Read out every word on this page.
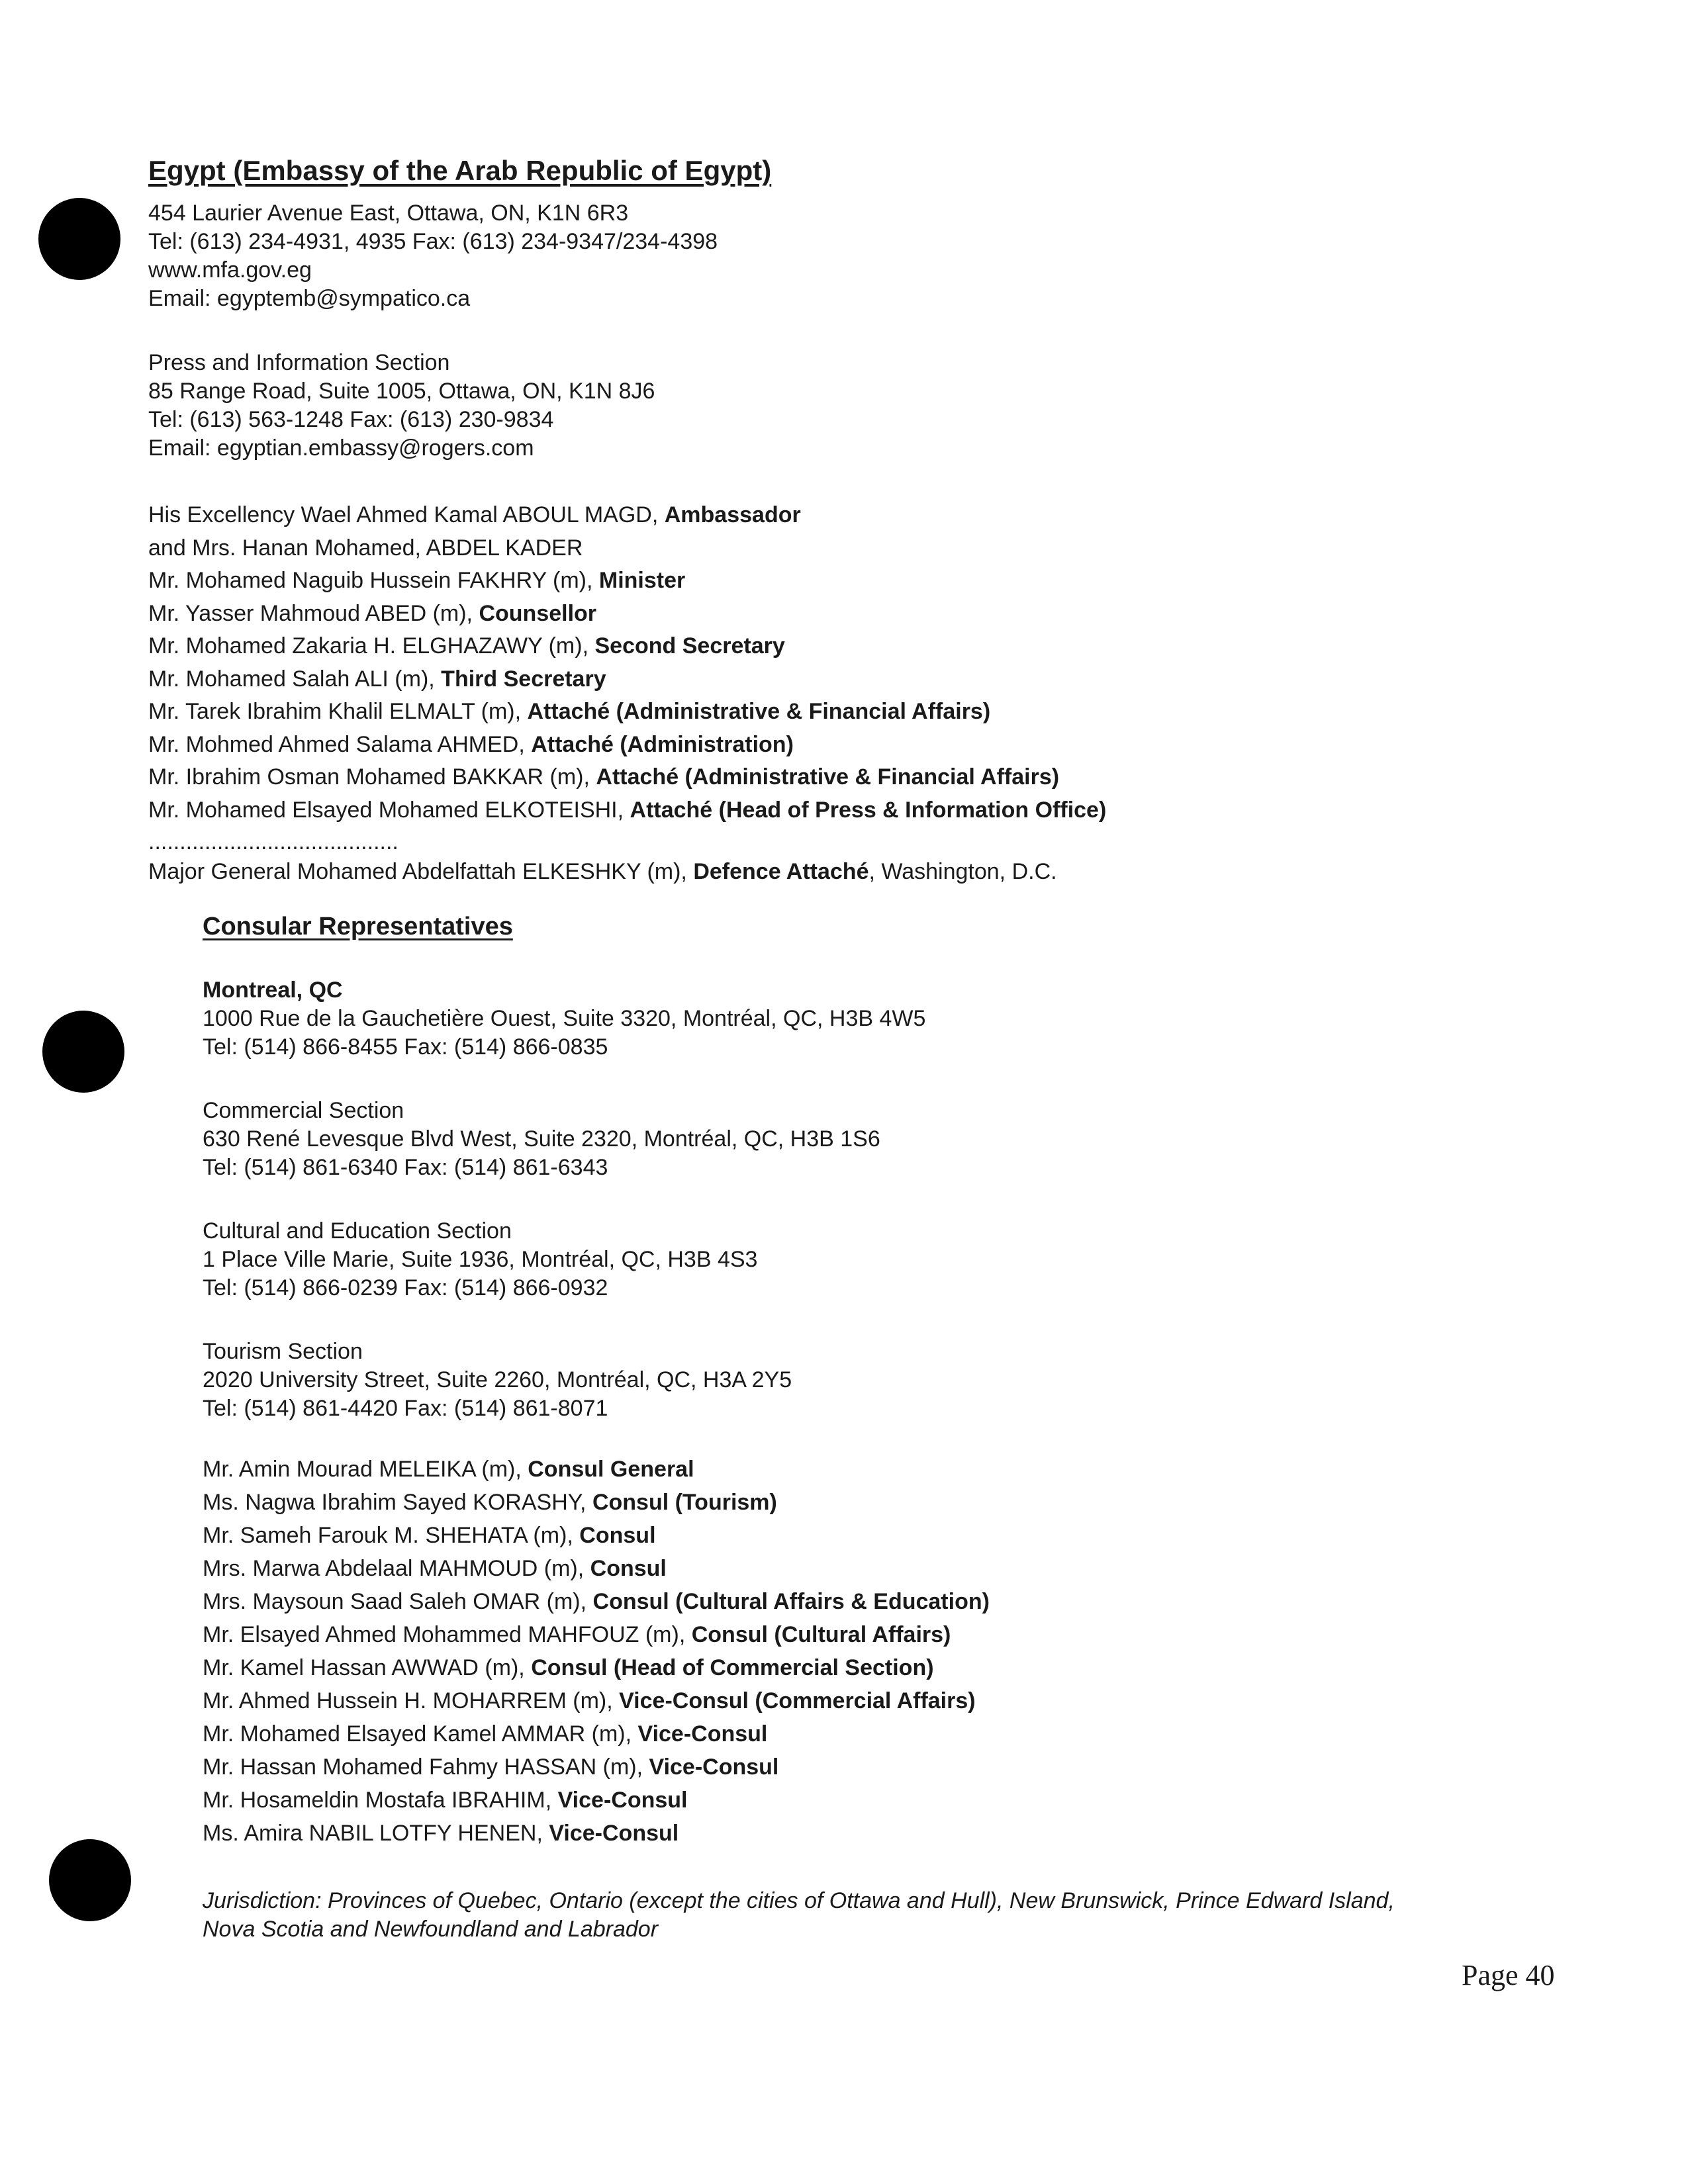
Egypt (Embassy of the Arab Republic of Egypt)
454 Laurier Avenue East, Ottawa, ON, K1N 6R3
Tel: (613) 234-4931, 4935 Fax: (613) 234-9347/234-4398
www.mfa.gov.eg
Email: egyptemb@sympatico.ca
Press and Information Section
85 Range Road, Suite 1005, Ottawa, ON, K1N 8J6
Tel: (613) 563-1248 Fax: (613) 230-9834
Email: egyptian.embassy@rogers.com
His Excellency Wael Ahmed Kamal ABOUL MAGD, Ambassador
and Mrs. Hanan Mohamed, ABDEL KADER
Mr. Mohamed Naguib Hussein FAKHRY (m), Minister
Mr. Yasser Mahmoud ABED (m), Counsellor
Mr. Mohamed Zakaria H. ELGHAZAWY (m), Second Secretary
Mr. Mohamed Salah ALI (m), Third Secretary
Mr. Tarek Ibrahim Khalil ELMALT (m), Attaché (Administrative & Financial Affairs)
Mr. Mohmed Ahmed Salama AHMED, Attaché (Administration)
Mr. Ibrahim Osman Mohamed BAKKAR (m), Attaché (Administrative & Financial Affairs)
Mr. Mohamed Elsayed Mohamed ELKOTEISHI, Attaché (Head of Press & Information Office)
........................................
Major General Mohamed Abdelfattah ELKESHKY (m), Defence Attaché, Washington, D.C.
Consular Representatives
Montreal, QC
1000 Rue de la Gauchetière Ouest, Suite 3320, Montréal, QC, H3B 4W5
Tel: (514) 866-8455 Fax: (514) 866-0835
Commercial Section
630 René Levesque Blvd West, Suite 2320, Montréal, QC, H3B 1S6
Tel: (514) 861-6340 Fax: (514) 861-6343
Cultural and Education Section
1 Place Ville Marie, Suite 1936, Montréal, QC, H3B 4S3
Tel: (514) 866-0239 Fax: (514) 866-0932
Tourism Section
2020 University Street, Suite 2260, Montréal, QC, H3A 2Y5
Tel: (514) 861-4420 Fax: (514) 861-8071
Mr. Amin Mourad MELEIKA (m), Consul General
Ms. Nagwa Ibrahim Sayed KORASHY, Consul (Tourism)
Mr. Sameh Farouk M. SHEHATA (m), Consul
Mrs. Marwa Abdelaal MAHMOUD (m), Consul
Mrs. Maysoun Saad Saleh OMAR (m), Consul (Cultural Affairs & Education)
Mr. Elsayed Ahmed Mohammed MAHFOUZ (m), Consul (Cultural Affairs)
Mr. Kamel Hassan AWWAD (m), Consul (Head of Commercial Section)
Mr. Ahmed Hussein H. MOHARREM (m), Vice-Consul (Commercial Affairs)
Mr. Mohamed Elsayed Kamel AMMAR (m), Vice-Consul
Mr. Hassan Mohamed Fahmy HASSAN (m), Vice-Consul
Mr. Hosameldin Mostafa IBRAHIM, Vice-Consul
Ms. Amira NABIL LOTFY HENEN, Vice-Consul
Jurisdiction: Provinces of Quebec, Ontario (except the cities of Ottawa and Hull), New Brunswick, Prince Edward Island,
Nova Scotia and Newfoundland and Labrador
Page 40
